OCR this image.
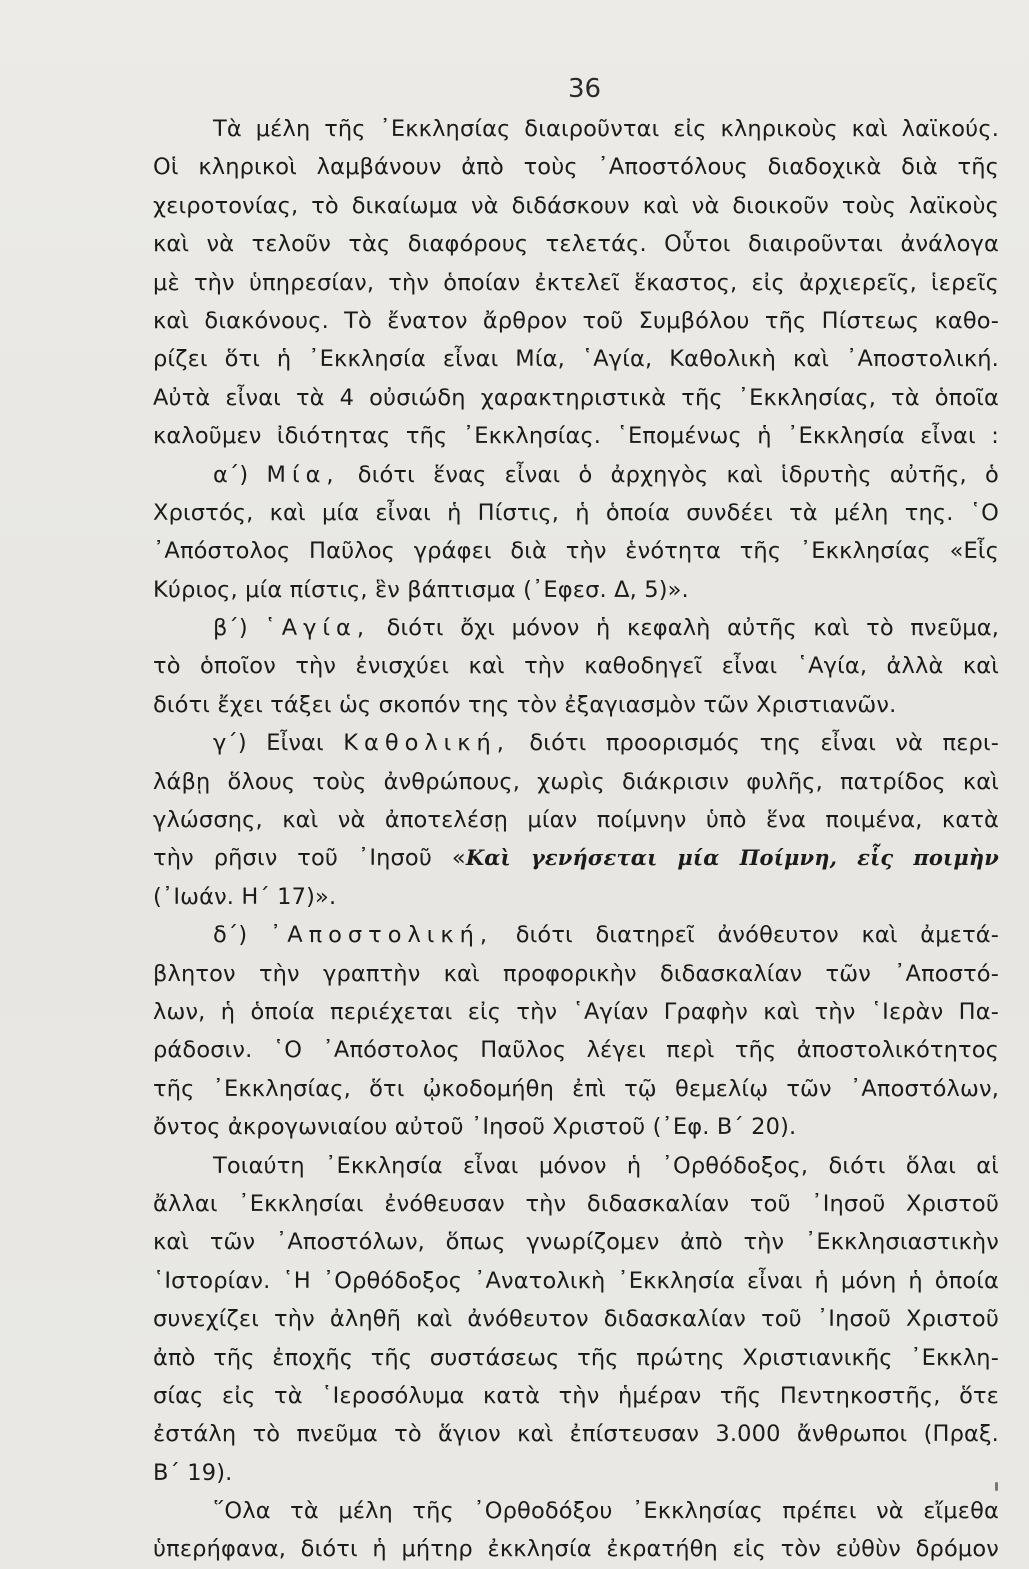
36
Τὰ μέλη τῆς ᾿Εκκλησίας διαιροῦνται εἰς κληρικοὺς καὶ λαϊκούς.
Οἱ κληρικοὶ λαμβάνουν ἀπὸ τοὺς ᾿Αποστόλους διαδοχικὰ διὰ τῆς
χειροτονίας, τὸ δικαίωμα νὰ διδάσκουν καὶ νὰ διοικοῦν τοὺς λαϊκοὺς
καὶ νὰ τελοῦν τὰς διαφόρους τελετάς. Οὗτοι διαιροῦνται ἀνάλογα
μὲ τὴν ὑπηρεσίαν, τὴν ὁποίαν ἐκτελεῖ ἕκαστος, εἰς ἀρχιερεῖς, ἱερεῖς
καὶ διακόνους. Τὸ ἔνατον ἄρθρον τοῦ Συμβόλου τῆς Πίστεως καθο-
ρίζει ὅτι ἡ ᾿Εκκλησία εἶναι Μία, ῾Αγία, Καθολικὴ καὶ ᾿Αποστολική.
Αὐτὰ εἶναι τὰ 4 οὐσιώδη χαρακτηριστικὰ τῆς ᾿Εκκλησίας, τὰ ὁποῖα
καλοῦμεν ἰδιότητας τῆς ᾿Εκκλησίας. ῾Επομένως ἡ ᾿Εκκλησία εἶναι :
α΄) Μία, διότι ἕνας εἶναι ὁ ἀρχηγὸς καὶ ἱδρυτὴς αὐτῆς, ὁ
Χριστός, καὶ μία εἶναι ἡ Πίστις, ἡ ὁποία συνδέει τὰ μέλη της. ῾Ο
᾿Απόστολος Παῦλος γράφει διὰ τὴν ἑνότητα τῆς ᾿Εκκλησίας «Εἷς
Κύριος, μία πίστις, ἓν βάπτισμα (᾿Εφεσ. Δ, 5)».
β΄) ῾Αγία, διότι ὄχι μόνον ἡ κεφαλὴ αὐτῆς καὶ τὸ πνεῦμα,
τὸ ὁποῖον τὴν ἐνισχύει καὶ τὴν καθοδηγεῖ εἶναι ῾Αγία, ἀλλὰ καὶ
διότι ἔχει τάξει ὡς σκοπόν της τὸν ἐξαγιασμὸν τῶν Χριστιανῶν.
γ΄) Εἶναι Καθολική, διότι προορισμός της εἶναι νὰ περι-
λάβῃ ὅλους τοὺς ἀνθρώπους, χωρὶς διάκρισιν φυλῆς, πατρίδος καὶ
γλώσσης, καὶ νὰ ἀποτελέσῃ μίαν ποίμνην ὑπὸ ἕνα ποιμένα, κατὰ
τὴν ρῆσιν τοῦ ᾿Ιησοῦ «Καὶ γενήσεται μία Ποίμνη, εἷς ποιμὴν
(᾿Ιωάν. Η΄ 17)».
δ΄) ᾿Αποστολική, διότι διατηρεῖ ἀνόθευτον καὶ ἀμετά-
βλητον τὴν γραπτὴν καὶ προφορικὴν διδασκαλίαν τῶν ᾿Αποστό-
λων, ἡ ὁποία περιέχεται εἰς τὴν ῾Αγίαν Γραφὴν καὶ τὴν ῾Ιερὰν Πα-
ράδοσιν. ῾Ο ᾿Απόστολος Παῦλος λέγει περὶ τῆς ἀποστολικότητος
τῆς ᾿Εκκλησίας, ὅτι ᾠκοδομήθη ἐπὶ τῷ θεμελίῳ τῶν ᾿Αποστόλων,
ὄντος ἀκρογωνιαίου αὐτοῦ ᾿Ιησοῦ Χριστοῦ (᾿Εφ. Β΄ 20).
Τοιαύτη ᾿Εκκλησία εἶναι μόνον ἡ ᾿Ορθόδοξος, διότι ὅλαι αἱ
ἄλλαι ᾿Εκκλησίαι ἐνόθευσαν τὴν διδασκαλίαν τοῦ ᾿Ιησοῦ Χριστοῦ
καὶ τῶν ᾿Αποστόλων, ὅπως γνωρίζομεν ἀπὸ τὴν ᾿Εκκλησιαστικὴν
῾Ιστορίαν. ῾Η ᾿Ορθόδοξος ᾿Ανατολικὴ ᾿Εκκλησία εἶναι ἡ μόνη ἡ ὁποία
συνεχίζει τὴν ἀληθῆ καὶ ἀνόθευτον διδασκαλίαν τοῦ ᾿Ιησοῦ Χριστοῦ
ἀπὸ τῆς ἐποχῆς τῆς συστάσεως τῆς πρώτης Χριστιανικῆς ᾿Εκκλη-
σίας εἰς τὰ ῾Ιεροσόλυμα κατὰ τὴν ἡμέραν τῆς Πεντηκοστῆς, ὅτε
ἐστάλη τὸ πνεῦμα τὸ ἅγιον καὶ ἐπίστευσαν 3.000 ἄνθρωποι (Πραξ.
Β΄ 19).
῞Ολα τὰ μέλη τῆς ᾿Ορθοδόξου ᾿Εκκλησίας πρέπει νὰ εἴμεθα
ὑπερήφανα, διότι ἡ μήτηρ ἐκκλησία ἐκρατήθη εἰς τὸν εὐθὺν δρόμον
